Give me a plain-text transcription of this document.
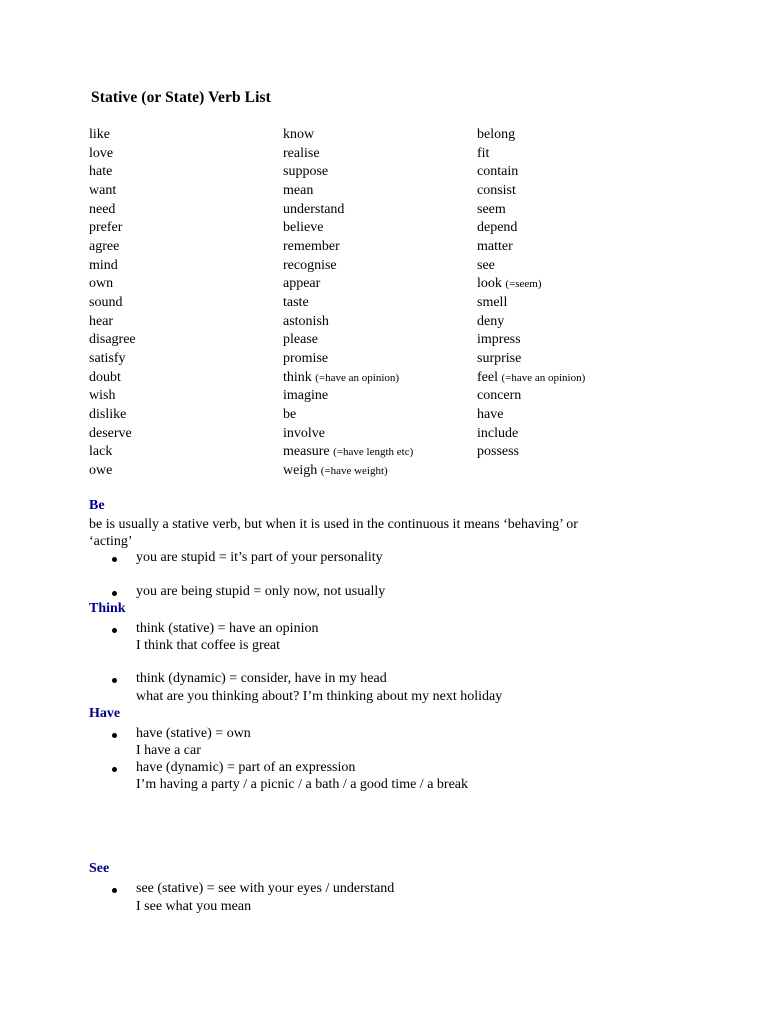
Stative (or State) Verb List
like
love
hate
want
need
prefer
agree
mind
own
sound
hear
disagree
satisfy
doubt
wish
dislike
deserve
lack
owe
know
realise
suppose
mean
understand
believe
remember
recognise
appear
taste
astonish
please
promise
think (=have an opinion)
imagine
be
involve
measure (=have length etc)
weigh (=have weight)
belong
fit
contain
consist
seem
depend
matter
see
look (=seem)
smell
deny
impress
surprise
feel (=have an opinion)
concern
have
include
possess
Be
be is usually a stative verb, but when it is used in the continuous it means ‘behaving’ or
‘acting’
you are stupid = it’s part of your personality
you are being stupid = only now, not usually
Think
think (stative) = have an opinion
I think that coffee is great
think (dynamic) = consider, have in my head
what are you thinking about? I’m thinking about my next holiday
Have
have (stative) = own
I have a car
have (dynamic) = part of an expression
I’m having a party / a picnic / a bath / a good time / a break
See
see (stative) = see with your eyes / understand
I see what you mean
